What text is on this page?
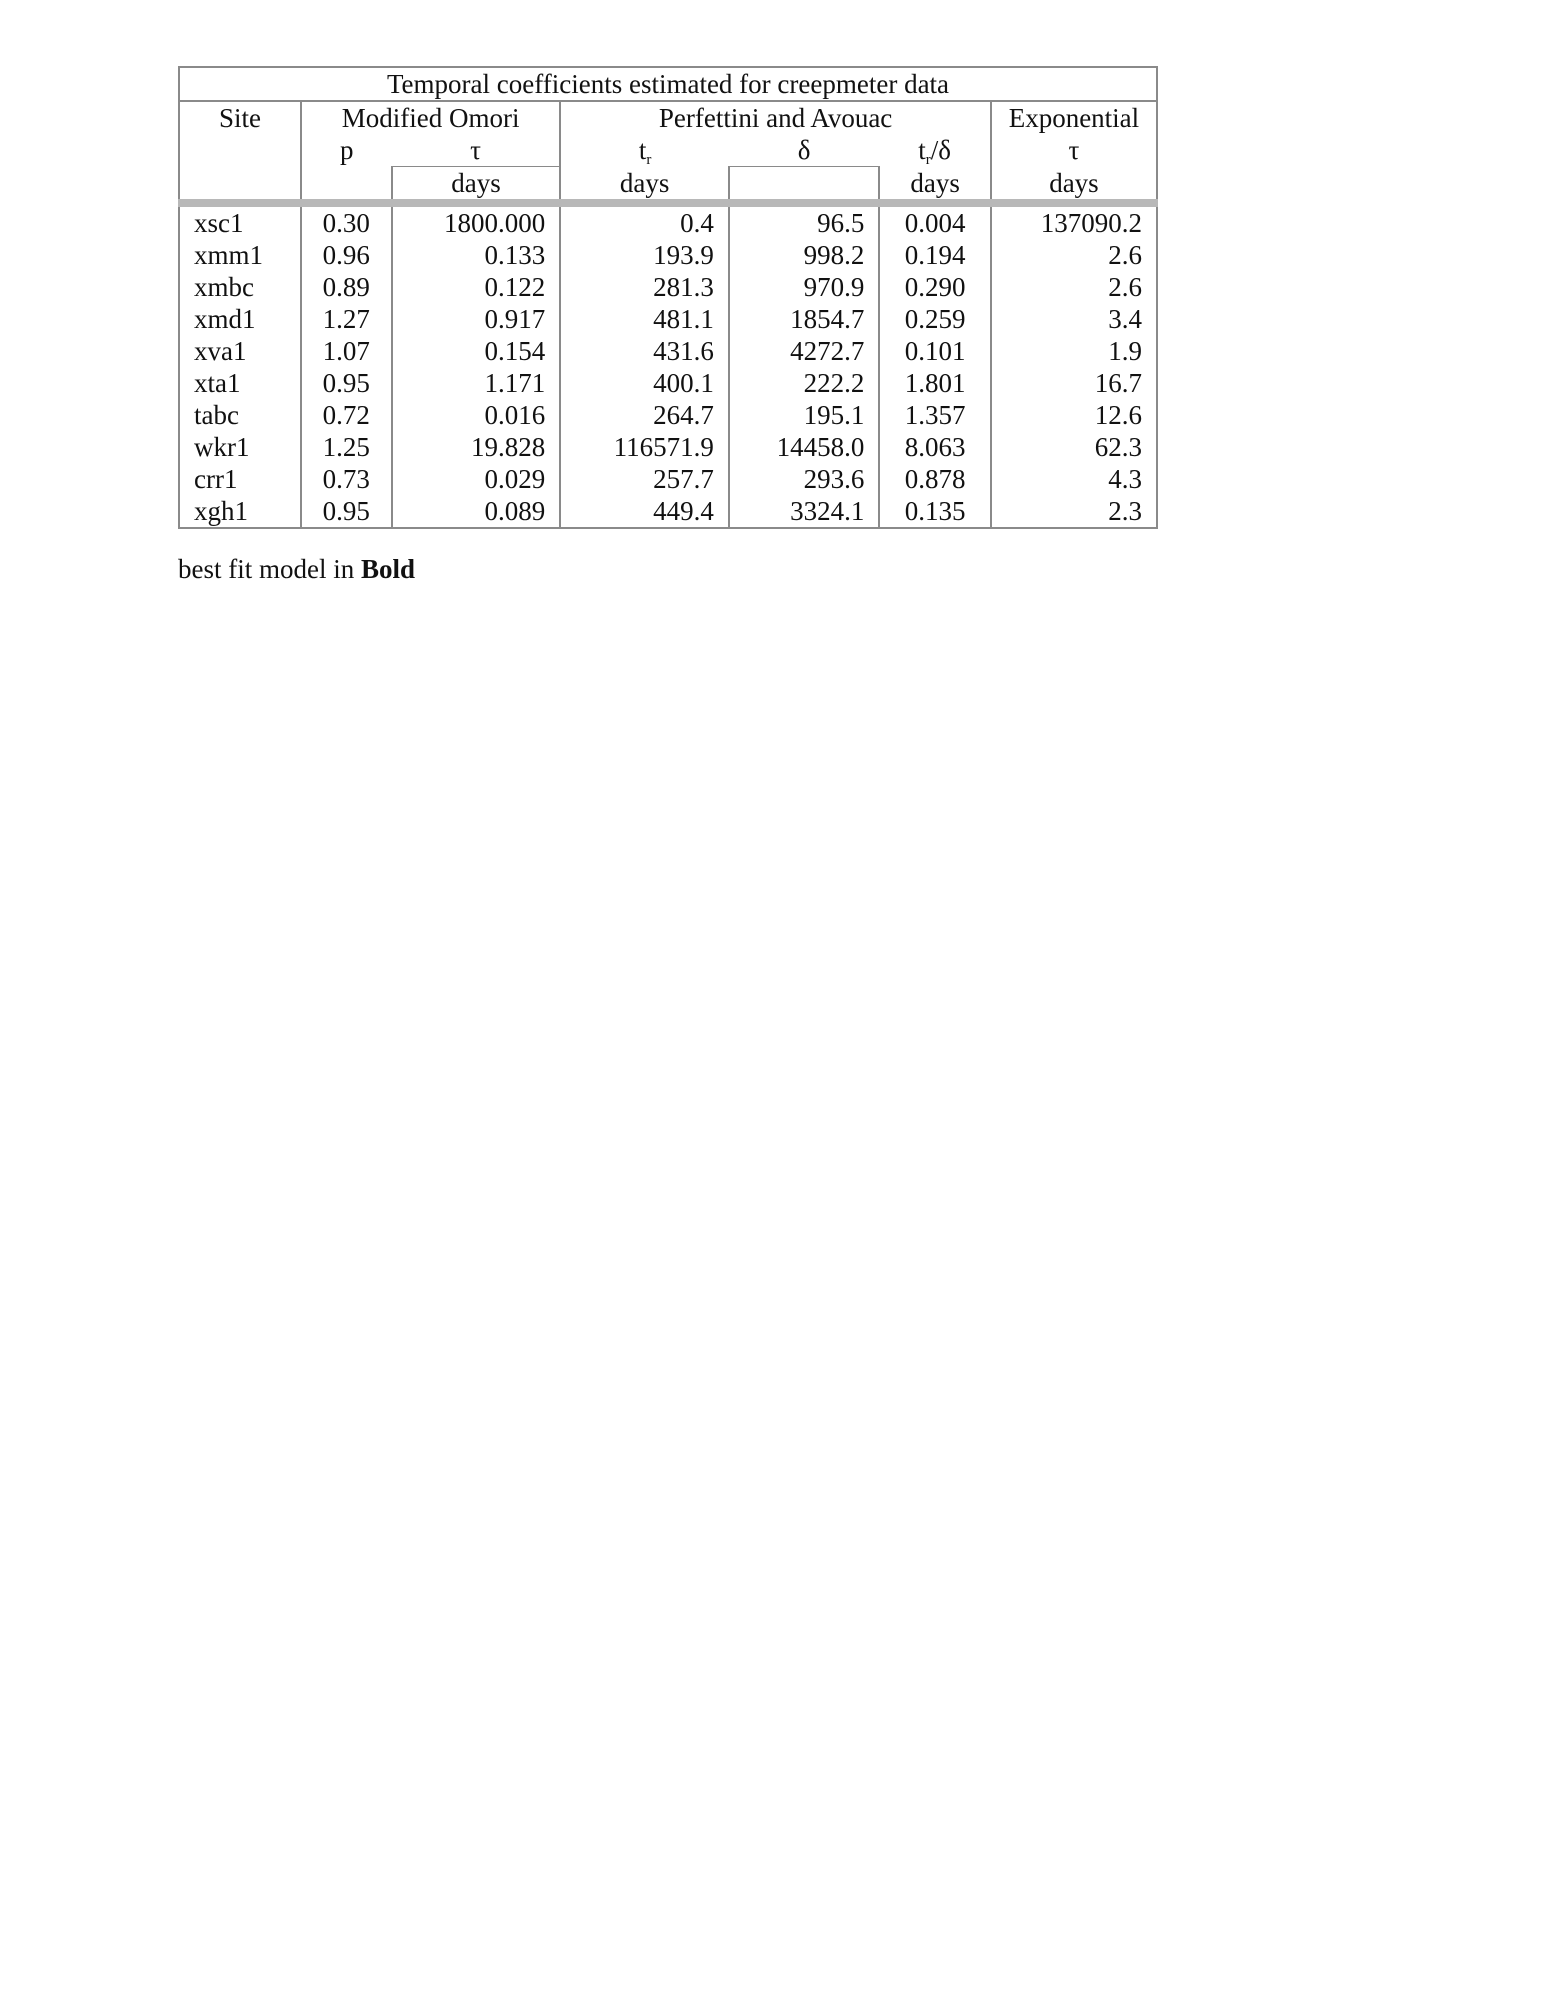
Temporal coefficients estimated for creepmeter data						
Site	Modified Omori		Perfettini and Avouac			Exponential
	p	τ	$t_r$	δ	$t_r/\delta$	τ
		days	days		days	days
xsc1	0.30	1800.000	0.4	96.5	0.004	137090.2
xmm1	0.96	0.133	193.9	998.2	0.194	2.6
xmbc	0.89	0.122	281.3	970.9	0.290	2.6
xmd1	1.27	0.917	481.1	1854.7	0.259	3.4
xva1	1.07	0.154	431.6	4272.7	0.101	1.9
xta1	0.95	1.171	400.1	222.2	1.801	16.7
tabc	0.72	0.016	264.7	195.1	1.357	12.6
wkr1	1.25	19.828	116571.9	14458.0	8.063	62.3
crr1	0.73	0.029	257.7	293.6	0.878	4.3
xgh1	0.95	0.089	449.4	3324.1	0.135	2.3

best fit model in Bold
